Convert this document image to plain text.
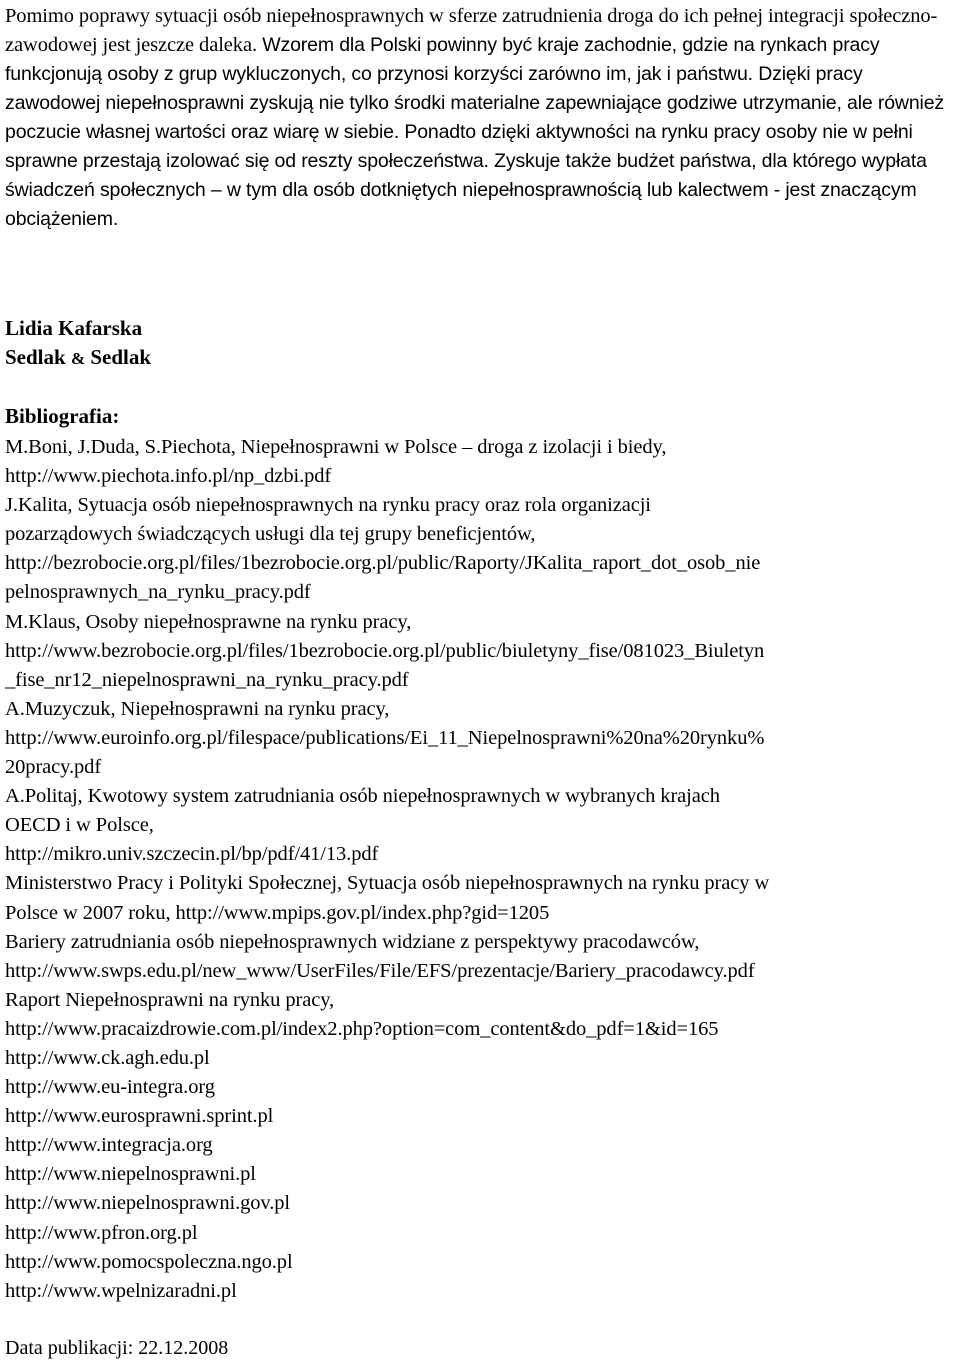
Pomimo poprawy sytuacji osób niepełnosprawnych w sferze zatrudnienia droga do ich pełnej integracji społeczno-zawodowej jest jeszcze daleka. Wzorem dla Polski powinny być kraje zachodnie, gdzie na rynkach pracy funkcjonują osoby z grup wykluczonych, co przynosi korzyści zarówno im, jak i państwu. Dzięki pracy zawodowej niepełnosprawni zyskują nie tylko środki materialne zapewniające godziwe utrzymanie, ale również poczucie własnej wartości oraz wiarę w siebie. Ponadto dzięki aktywności na rynku pracy osoby nie w pełni sprawne przestają izolować się od reszty społeczeństwa. Zyskuje także budżet państwa, dla którego wypłata świadczeń społecznych – w tym dla osób dotkniętych niepełnosprawnością lub kalectwem - jest znaczącym obciążeniem.

Lidia Kafarska
Sedlak & Sedlak
Bibliografia:
M.Boni, J.Duda, S.Piechota, Niepełnosprawni w Polsce – droga z izolacji i biedy,
http://www.piechota.info.pl/np_dzbi.pdf
J.Kalita, Sytuacja osób niepełnosprawnych na rynku pracy oraz rola organizacji
pozarządowych świadczących usługi dla tej grupy beneficjentów,
http://bezrobocie.org.pl/files/1bezrobocie.org.pl/public/Raporty/JKalita_raport_dot_osob_nie
pelnosprawnych_na_rynku_pracy.pdf
M.Klaus, Osoby niepełnosprawne na rynku pracy,
http://www.bezrobocie.org.pl/files/1bezrobocie.org.pl/public/biuletyny_fise/081023_Biuletyn
_fise_nr12_niepelnosprawni_na_rynku_pracy.pdf
A.Muzyczuk, Niepełnosprawni na rynku pracy,
http://www.euroinfo.org.pl/filespace/publications/Ei_11_Niepelnosprawni%20na%20rynku%
20pracy.pdf
A.Politaj, Kwotowy system zatrudniania osób niepełnosprawnych w wybranych krajach
OECD i w Polsce,
http://mikro.univ.szczecin.pl/bp/pdf/41/13.pdf
Ministerstwo Pracy i Polityki Społecznej, Sytuacja osób niepełnosprawnych na rynku pracy w
Polsce w 2007 roku, http://www.mpips.gov.pl/index.php?gid=1205
Bariery zatrudniania osób niepełnosprawnych widziane z perspektywy pracodawców,
http://www.swps.edu.pl/new_www/UserFiles/File/EFS/prezentacje/Bariery_pracodawcy.pdf
Raport Niepełnosprawni na rynku pracy,
http://www.pracaizdrowie.com.pl/index2.php?option=com_content&do_pdf=1&id=165
http://www.ck.agh.edu.pl
http://www.eu-integra.org
http://www.eurosprawni.sprint.pl
http://www.integracja.org
http://www.niepelnosprawni.pl
http://www.niepelnosprawni.gov.pl
http://www.pfron.org.pl
http://www.pomocspoleczna.ngo.pl
http://www.wpelnizaradni.pl
Data publikacji: 22.12.2008
